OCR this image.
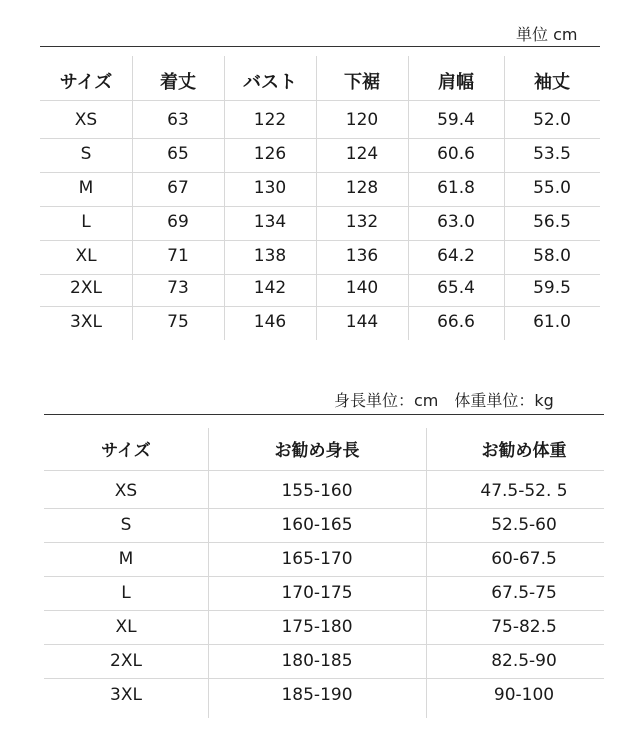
単位 cm
サイズ	着丈	バスト	下裾	肩幅	袖丈
XS	63	122	120	59.4	52.0
S	65	126	124	60.6	53.5
M	67	130	128	61.8	55.0
L	69	134	132	63.0	56.5
XL	71	138	136	64.2	58.0
2XL	73	142	140	65.4	59.5
3XL	75	146	144	66.6	61.0
身長単位：cm　体重単位：kg
サイズ	お勧め身長	お勧め体重
XS	155-160	47.5-52. 5
S	160-165	52.5-60
M	165-170	60-67.5
L	170-175	67.5-75
XL	175-180	75-82.5
2XL	180-185	82.5-90
3XL	185-190	90-100
